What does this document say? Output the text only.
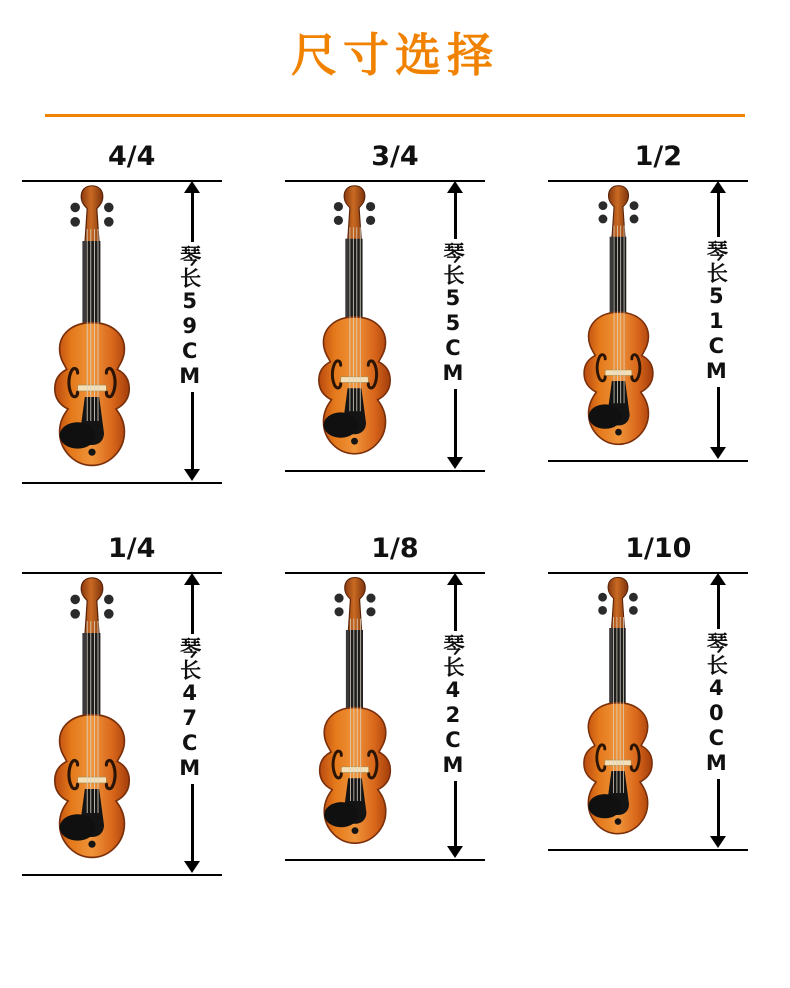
尺寸选择
4/4
琴长59CM
3/4
琴长55CM
1/2
琴长51CM
1/4
琴长47CM
1/8
琴长42CM
1/10
琴长40CM
